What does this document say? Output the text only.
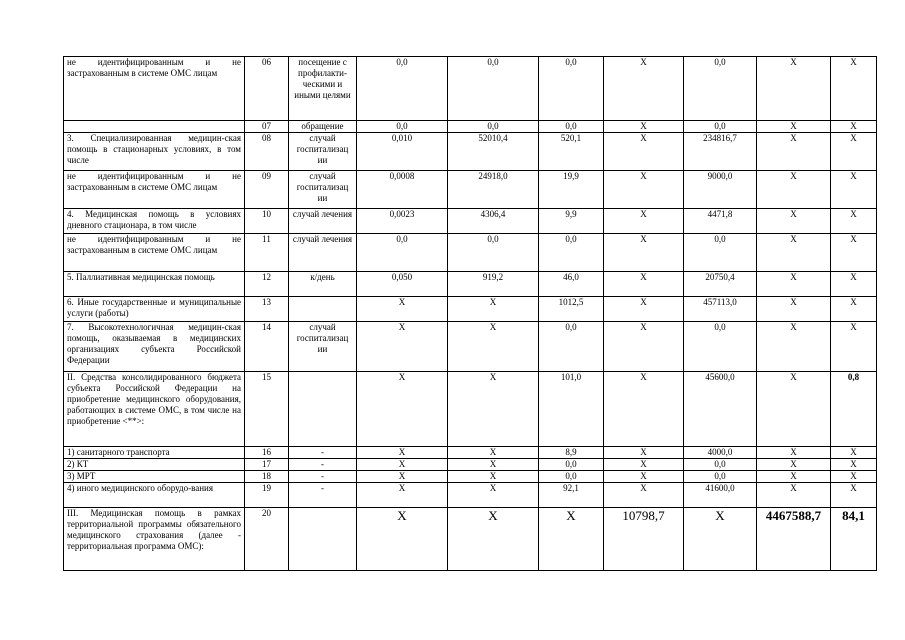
не идентифицированным и не застрахованным в системе ОМС лицам	06	посещение с профилакти-ческими и иными целями	0,0	0,0	0,0	Х	0,0	Х	Х
	07	обращение	0,0	0,0	0,0	Х	0,0	Х	Х
3. Специализированная медицин-ская помощь в стационарных условиях, в том числе	08	случай госпитализац ии	0,010	52010,4	520,1	Х	234816,7	Х	Х
не идентифицированным и не застрахованным в системе ОМС лицам	09	случай госпитализац ии	0,0008	24918,0	19,9	Х	9000,0	Х	Х
4. Медицинская помощь в условиях дневного стационара, в том числе	10	случай лечения	0,0023	4306,4	9,9	Х	4471,8	Х	Х
не идентифицированным и не застрахованным в системе ОМС лицам	11	случай лечения	0,0	0,0	0,0	Х	0,0	Х	Х
5. Паллиативная медицинская помощь	12	к/день	0,050	919,2	46,0	Х	20750,4	Х	Х
6. Иные государственные и муниципальные услуги (работы)	13		Х	Х	1012,5	Х	457113,0	Х	Х
7. Высокотехнологичная медицин-ская помощь, оказываемая в медицинских организациях субъекта Российской Федерации	14	случай госпитализац ии	Х	Х	0,0	Х	0,0	Х	Х
II. Средства консолидированного бюджета субъекта Российской Федерации на приобретение медицинского оборудования, работающих в системе ОМС, в том числе на приобретение <**>:	15		Х	Х	101,0	Х	45600,0	Х	0,8
1) санитарного транспорта	16	-	Х	Х	8,9	Х	4000,0	Х	Х
2) КТ	17	-	Х	Х	0,0	Х	0,0	Х	Х
3) МРТ	18	-	Х	Х	0,0	Х	0,0	Х	Х
4) иного медицинского оборудо-вания	19	-	Х	Х	92,1	Х	41600,0	Х	Х
III. Медицинская помощь в рамках территориальной программы обязательного медицинского страхования (далее - территориальная программа ОМС):	20		Х	Х	Х	10798,7	Х	4467588,7	84,1
